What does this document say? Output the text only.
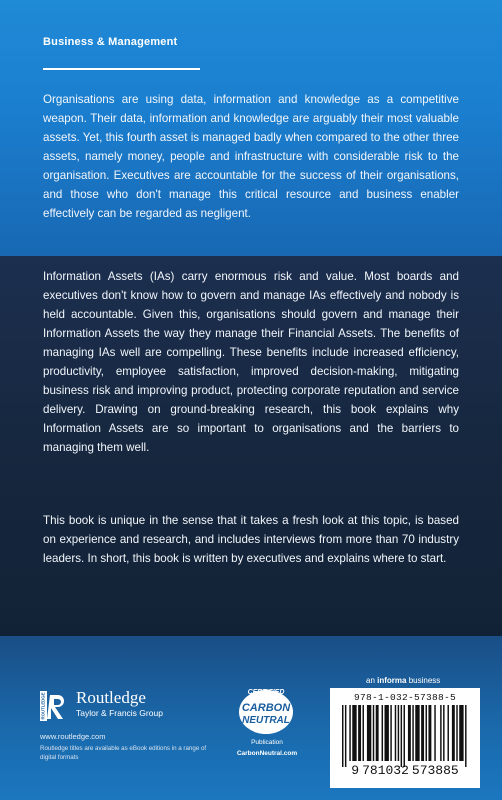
Business & Management

Organisations are using data, information and knowledge as a competitive weapon. Their data, information and knowledge are arguably their most valuable assets. Yet, this fourth asset is managed badly when compared to the other three assets, namely money, people and infrastructure with considerable risk to the organisation. Executives are accountable for the success of their organisations, and those who don't manage this critical resource and business enabler effectively can be regarded as negligent.

Information Assets (IAs) carry enormous risk and value. Most boards and executives don't know how to govern and manage IAs effectively and nobody is held accountable. Given this, organisations should govern and manage their Information Assets the way they manage their Financial Assets. The benefits of managing IAs well are compelling. These benefits include increased efficiency, productivity, employee satisfaction, improved decision-making, mitigating business risk and improving product, protecting corporate reputation and service delivery. Drawing on ground-breaking research, this book explains why Information Assets are so important to organisations and the barriers to managing them well.

This book is unique in the sense that it takes a fresh look at this topic, is based on experience and research, and includes interviews from more than 70 industry leaders. In short, this book is written by executives and explains where to start.

ROUTLEDGE Routledge
Taylor & Francis Group
www.routledge.com
Routledge titles are available as eBook editions in a range of digital formats
CERTIFIED
CARBON
NEUTRAL
Publication
CarbonNeutral.com
an informa business
978-1-032-57388-5
9 781032 573885
